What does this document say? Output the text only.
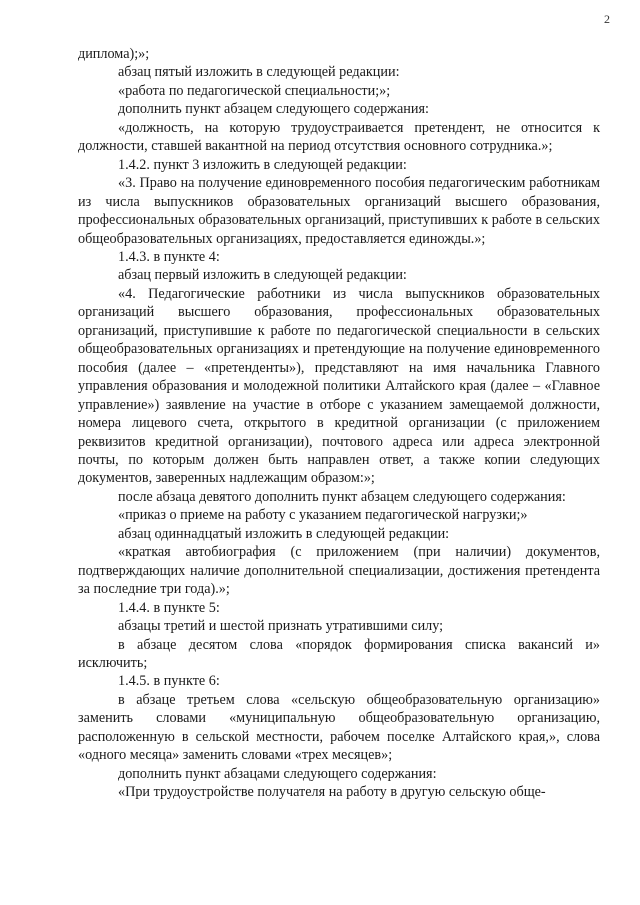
2

диплома);»;

абзац пятый изложить в следующей редакции:

«работа по педагогической специальности;»;

дополнить пункт абзацем следующего содержания:

«должность, на которую трудоустраивается претендент, не относится к должности, ставшей вакантной на период отсутствия основного сотрудника.»;

1.4.2. пункт 3 изложить в следующей редакции:

«3. Право на получение единовременного пособия педагогическим работникам из числа выпускников образовательных организаций высшего образования, профессиональных образовательных организаций, приступивших к работе в сельских общеобразовательных организациях, предоставляется единожды.»;

1.4.3. в пункте 4:

абзац первый изложить в следующей редакции:

«4. Педагогические работники из числа выпускников образовательных организаций высшего образования, профессиональных образовательных организаций, приступившие к работе по педагогической специальности в сельских общеобразовательных организациях и претендующие на получение единовременного пособия (далее – «претенденты»), представляют на имя начальника Главного управления образования и молодежной политики Алтайского края (далее – «Главное управление») заявление на участие в отборе с указанием замещаемой должности, номера лицевого счета, открытого в кредитной организации (с приложением реквизитов кредитной организации), почтового адреса или адреса электронной почты, по которым должен быть направлен ответ, а также копии следующих документов, заверенных надлежащим образом:»;

после абзаца девятого дополнить пункт абзацем следующего содержания:

«приказ о приеме на работу с указанием педагогической нагрузки;»

абзац одиннадцатый изложить в следующей редакции:

«краткая автобиография (с приложением (при наличии) документов, подтверждающих наличие дополнительной специализации, достижения претендента за последние три года).»;

1.4.4. в пункте 5:

абзацы третий и шестой признать утратившими силу;

в абзаце десятом слова «порядок формирования списка вакансий и» исключить;

1.4.5. в пункте 6:

в абзаце третьем слова «сельскую общеобразовательную организацию» заменить словами «муниципальную общеобразовательную организацию, расположенную в сельской местности, рабочем поселке Алтайского края,», слова «одного месяца» заменить словами «трех месяцев»;

дополнить пункт абзацами следующего содержания:

«При трудоустройстве получателя на работу в другую сельскую обще-
